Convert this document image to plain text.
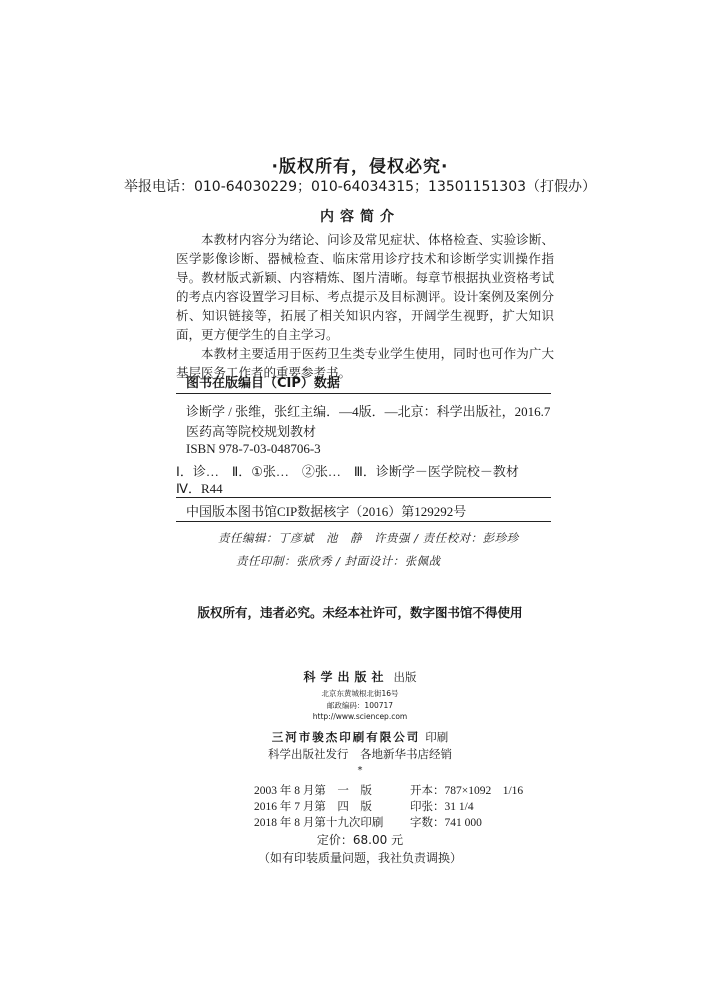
·版权所有，侵权必究·
举报电话：010-64030229；010-64034315；13501151303（打假办）
内容简介

本教材内容分为绪论、问诊及常见症状、体格检查、实验诊断、医学影像诊断、器械检查、临床常用诊疗技术和诊断学实训操作指导。教材版式新颖、内容精炼、图片清晰。每章节根据执业资格考试的考点内容设置学习目标、考点提示及目标测评。设计案例及案例分析、知识链接等，拓展了相关知识内容，开阔学生视野，扩大知识面，更方便学生的自主学习。

本教材主要适用于医药卫生类专业学生使用，同时也可作为广大基层医务工作者的重要参考书。

图书在版编目（CIP）数据
诊断学 / 张维，张红主编．—4版．—北京：科学出版社，2016.7
医药高等院校规划教材
ISBN 978-7-03-048706-3
Ⅰ．诊…　Ⅱ．①张…　②张…　Ⅲ．诊断学－医学院校－教材
Ⅳ．R44
中国版本图书馆CIP数据核字（2016）第129292号
责任编辑：丁彦斌　池　静　许贵强 / 责任校对：彭珍珍
责任印制：张欣秀 / 封面设计：张佩战
版权所有，违者必究。未经本社许可，数字图书馆不得使用
科学出版社 出版
北京东黄城根北街16号
邮政编码：100717
http://www.sciencep.com
三河市骏杰印刷有限公司 印刷
科学出版社发行　各地新华书店经销
*
2003 年 8 月第　一　版	开本：787×1092　1/16
2016 年 7 月第　四　版	印张：31 1/4
2018 年 8 月第十九次印刷 字数：741 000
定价：68.00 元
（如有印装质量问题，我社负责调换）
